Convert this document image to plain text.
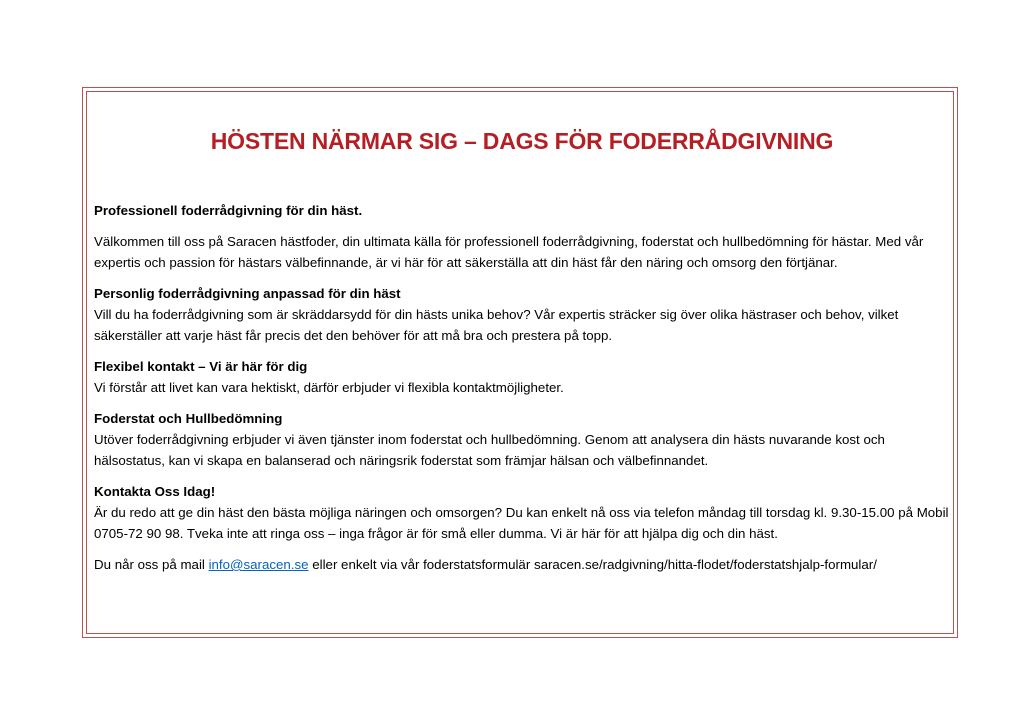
HÖSTEN NÄRMAR SIG – DAGS FÖR FODERRÅDGIVNING

Professionell foderrådgivning för din häst.

Välkommen till oss på Saracen hästfoder, din ultimata källa för professionell foderrådgivning, foderstat och hullbedömning för hästar. Med vår expertis och passion för hästars välbefinnande, är vi här för att säkerställa att din häst får den näring och omsorg den förtjänar.

Personlig foderrådgivning anpassad för din häst
Vill du ha foderrådgivning som är skräddarsydd för din hästs unika behov? Vår expertis sträcker sig över olika hästraser och behov, vilket säkerställer att varje häst får precis det den behöver för att må bra och prestera på topp.
Flexibel kontakt – Vi är här för dig
Vi förstår att livet kan vara hektiskt, därför erbjuder vi flexibla kontaktmöjligheter.
Foderstat och Hullbedömning
Utöver foderrådgivning erbjuder vi även tjänster inom foderstat och hullbedömning. Genom att analysera din hästs nuvarande kost och hälsostatus, kan vi skapa en balanserad och näringsrik foderstat som främjar hälsan och välbefinnandet.
Kontakta Oss Idag!
Är du redo att ge din häst den bästa möjliga näringen och omsorgen? Du kan enkelt nå oss via telefon måndag till torsdag kl. 9.30-15.00 på Mobil 0705-72 90 98. Tveka inte att ringa oss – inga frågor är för små eller dumma. Vi är här för att hjälpa dig och din häst.

Du når oss på mail info@saracen.se eller enkelt via vår foderstatsformulär saracen.se/radgivning/hitta-flodet/foderstatshjalp-formular/
